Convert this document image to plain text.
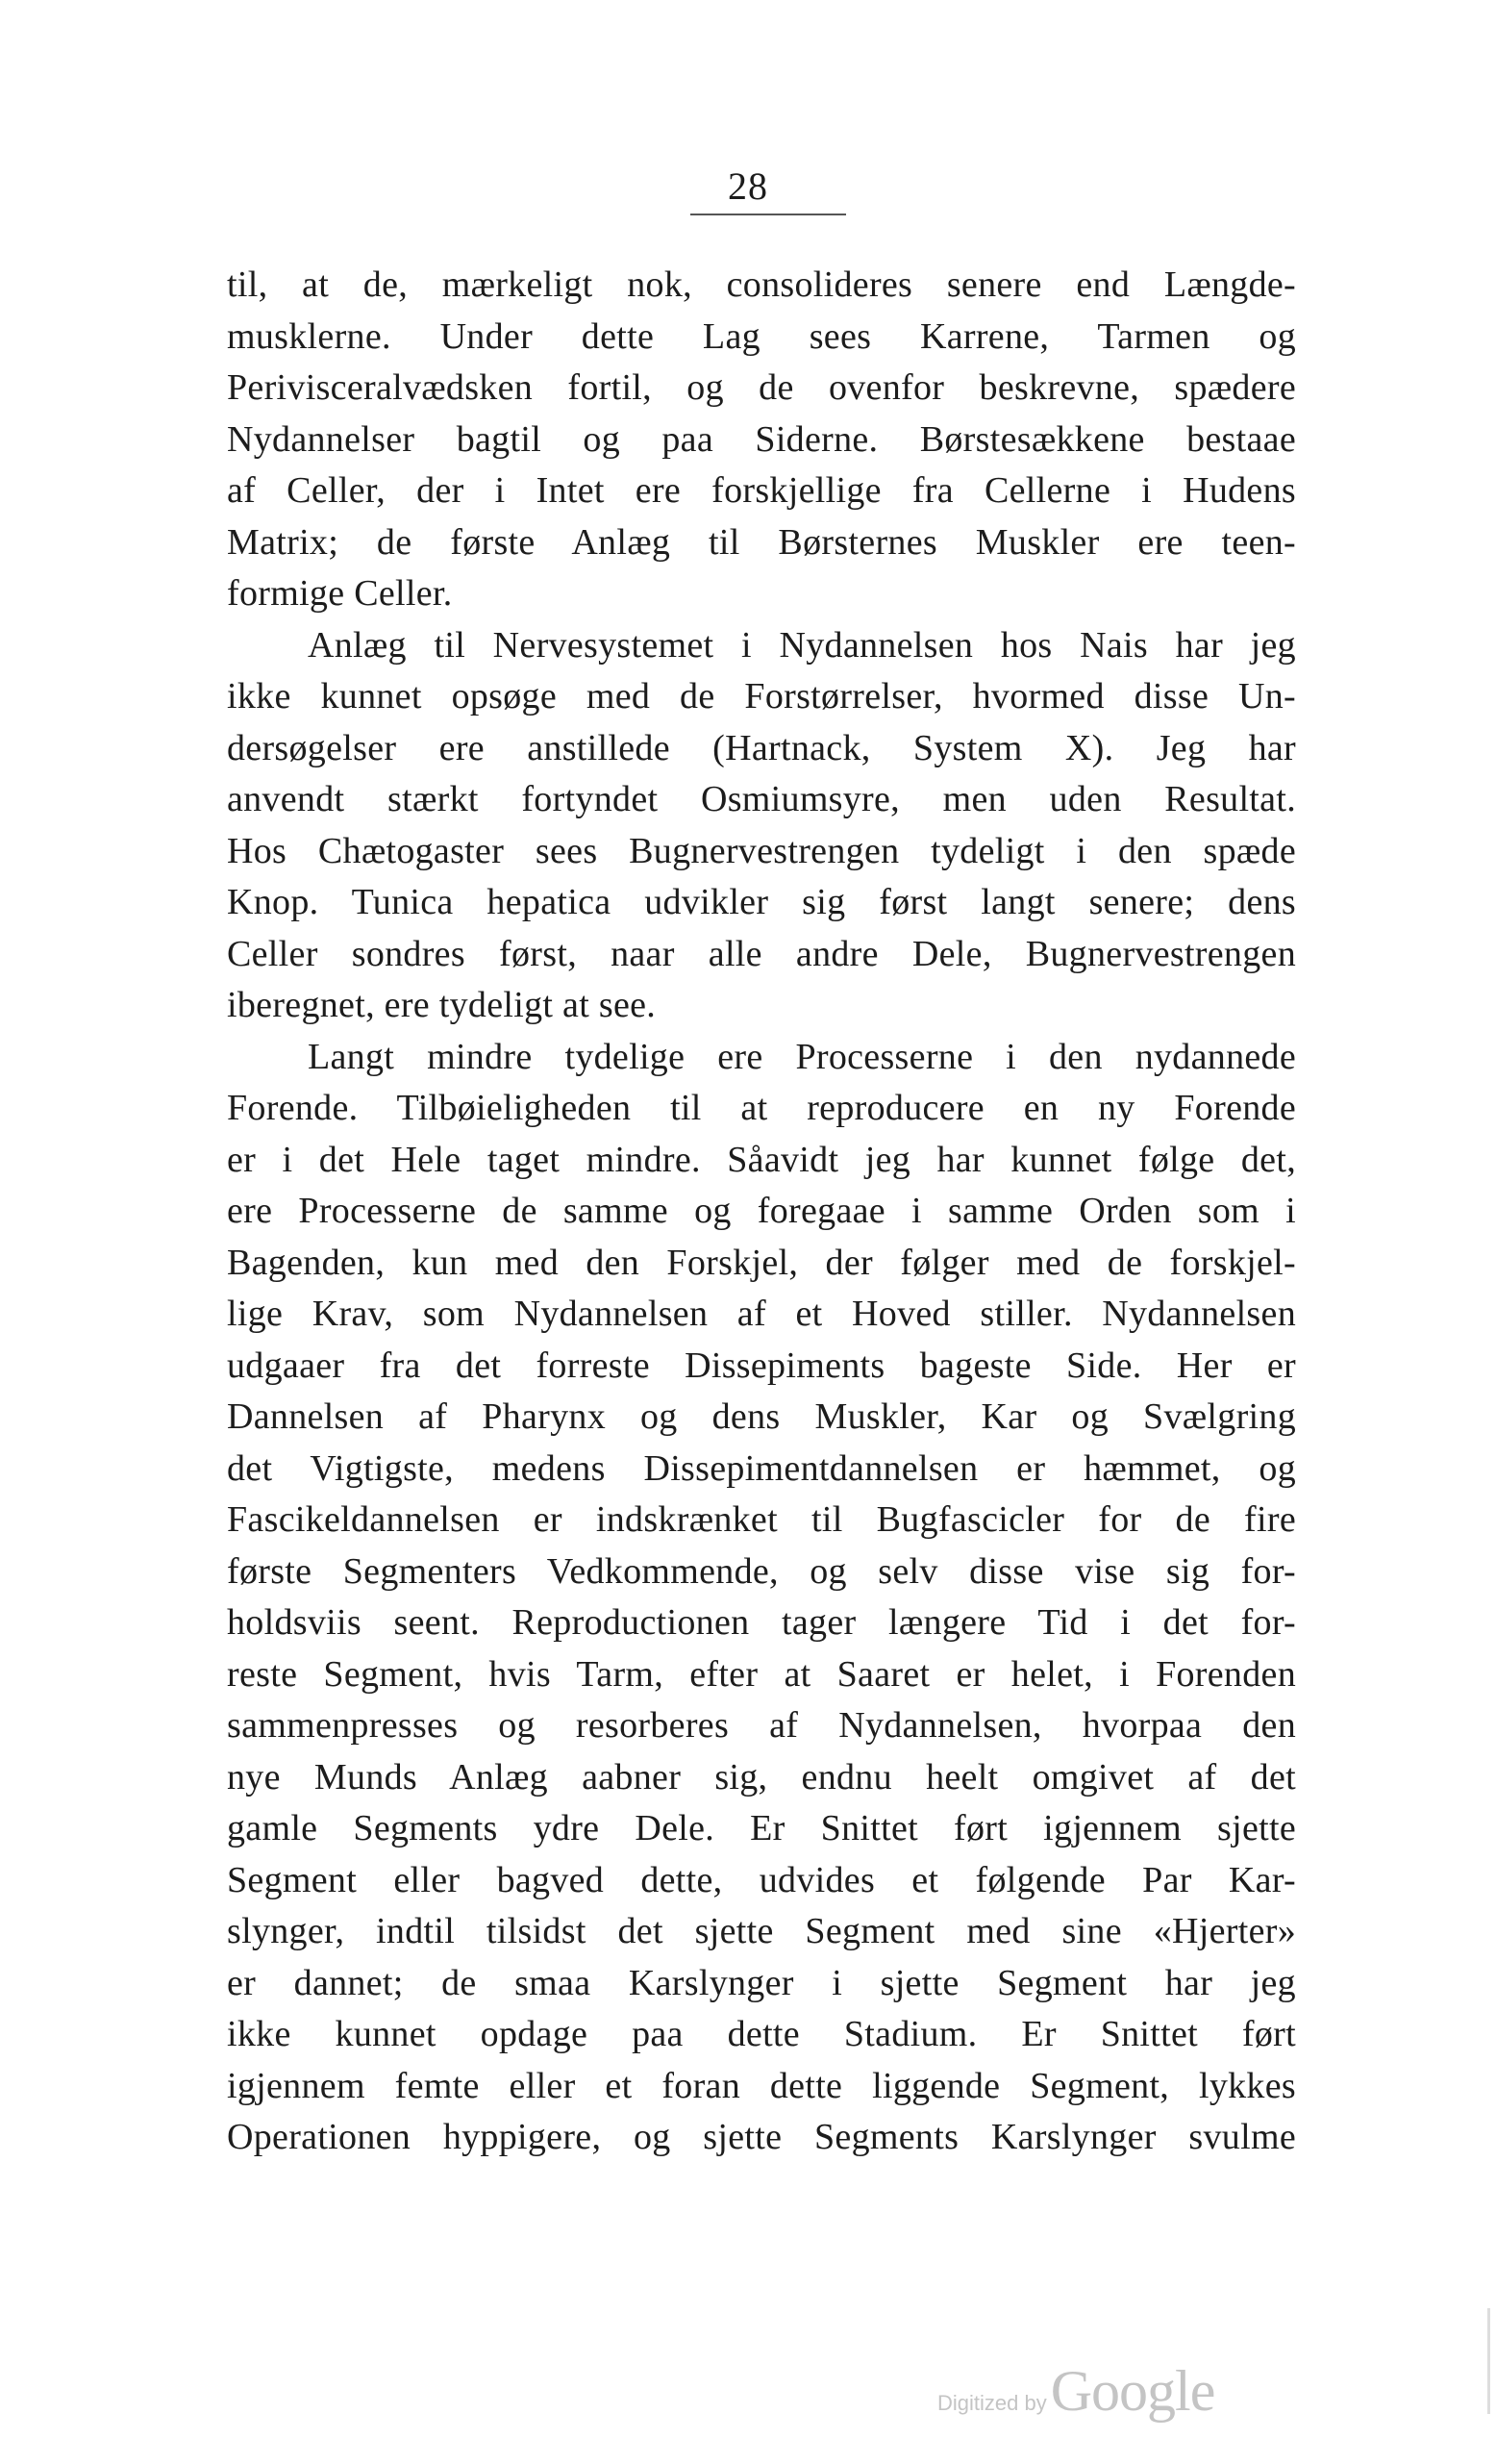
28
til, at de, mærkeligt nok, consolideres senere end Længde-
musklerne. Under dette Lag sees Karrene, Tarmen og
Perivisceralvædsken fortil, og de ovenfor beskrevne, spædere
Nydannelser bagtil og paa Siderne. Børstesækkene bestaae
af Celler, der i Intet ere forskjellige fra Cellerne i Hudens
Matrix; de første Anlæg til Børsternes Muskler ere teen-
formige Celler.
Anlæg til Nervesystemet i Nydannelsen hos Nais har jeg
ikke kunnet opsøge med de Forstørrelser, hvormed disse Un-
dersøgelser ere anstillede (Hartnack, System X). Jeg har
anvendt stærkt fortyndet Osmiumsyre, men uden Resultat.
Hos Chætogaster sees Bugnervestrengen tydeligt i den spæde
Knop. Tunica hepatica udvikler sig først langt senere; dens
Celler sondres først, naar alle andre Dele, Bugnervestrengen
iberegnet, ere tydeligt at see.
Langt mindre tydelige ere Processerne i den nydannede
Forende. Tilbøieligheden til at reproducere en ny Forende
er i det Hele taget mindre. Såavidt jeg har kunnet følge det,
ere Processerne de samme og foregaae i samme Orden som i
Bagenden, kun med den Forskjel, der følger med de forskjel-
lige Krav, som Nydannelsen af et Hoved stiller. Nydannelsen
udgaaer fra det forreste Dissepiments bageste Side. Her er
Dannelsen af Pharynx og dens Muskler, Kar og Svælgring
det Vigtigste, medens Dissepimentdannelsen er hæmmet, og
Fascikeldannelsen er indskrænket til Bugfascicler for de fire
første Segmenters Vedkommende, og selv disse vise sig for-
holdsviis seent. Reproductionen tager længere Tid i det for-
reste Segment, hvis Tarm, efter at Saaret er helet, i Forenden
sammenpresses og resorberes af Nydannelsen, hvorpaa den
nye Munds Anlæg aabner sig, endnu heelt omgivet af det
gamle Segments ydre Dele. Er Snittet ført igjennem sjette
Segment eller bagved dette, udvides et følgende Par Kar-
slynger, indtil tilsidst det sjette Segment med sine «Hjerter»
er dannet; de smaa Karslynger i sjette Segment har jeg
ikke kunnet opdage paa dette Stadium. Er Snittet ført
igjennem femte eller et foran dette liggende Segment, lykkes
Operationen hyppigere, og sjette Segments Karslynger svulme
Digitized by Google
